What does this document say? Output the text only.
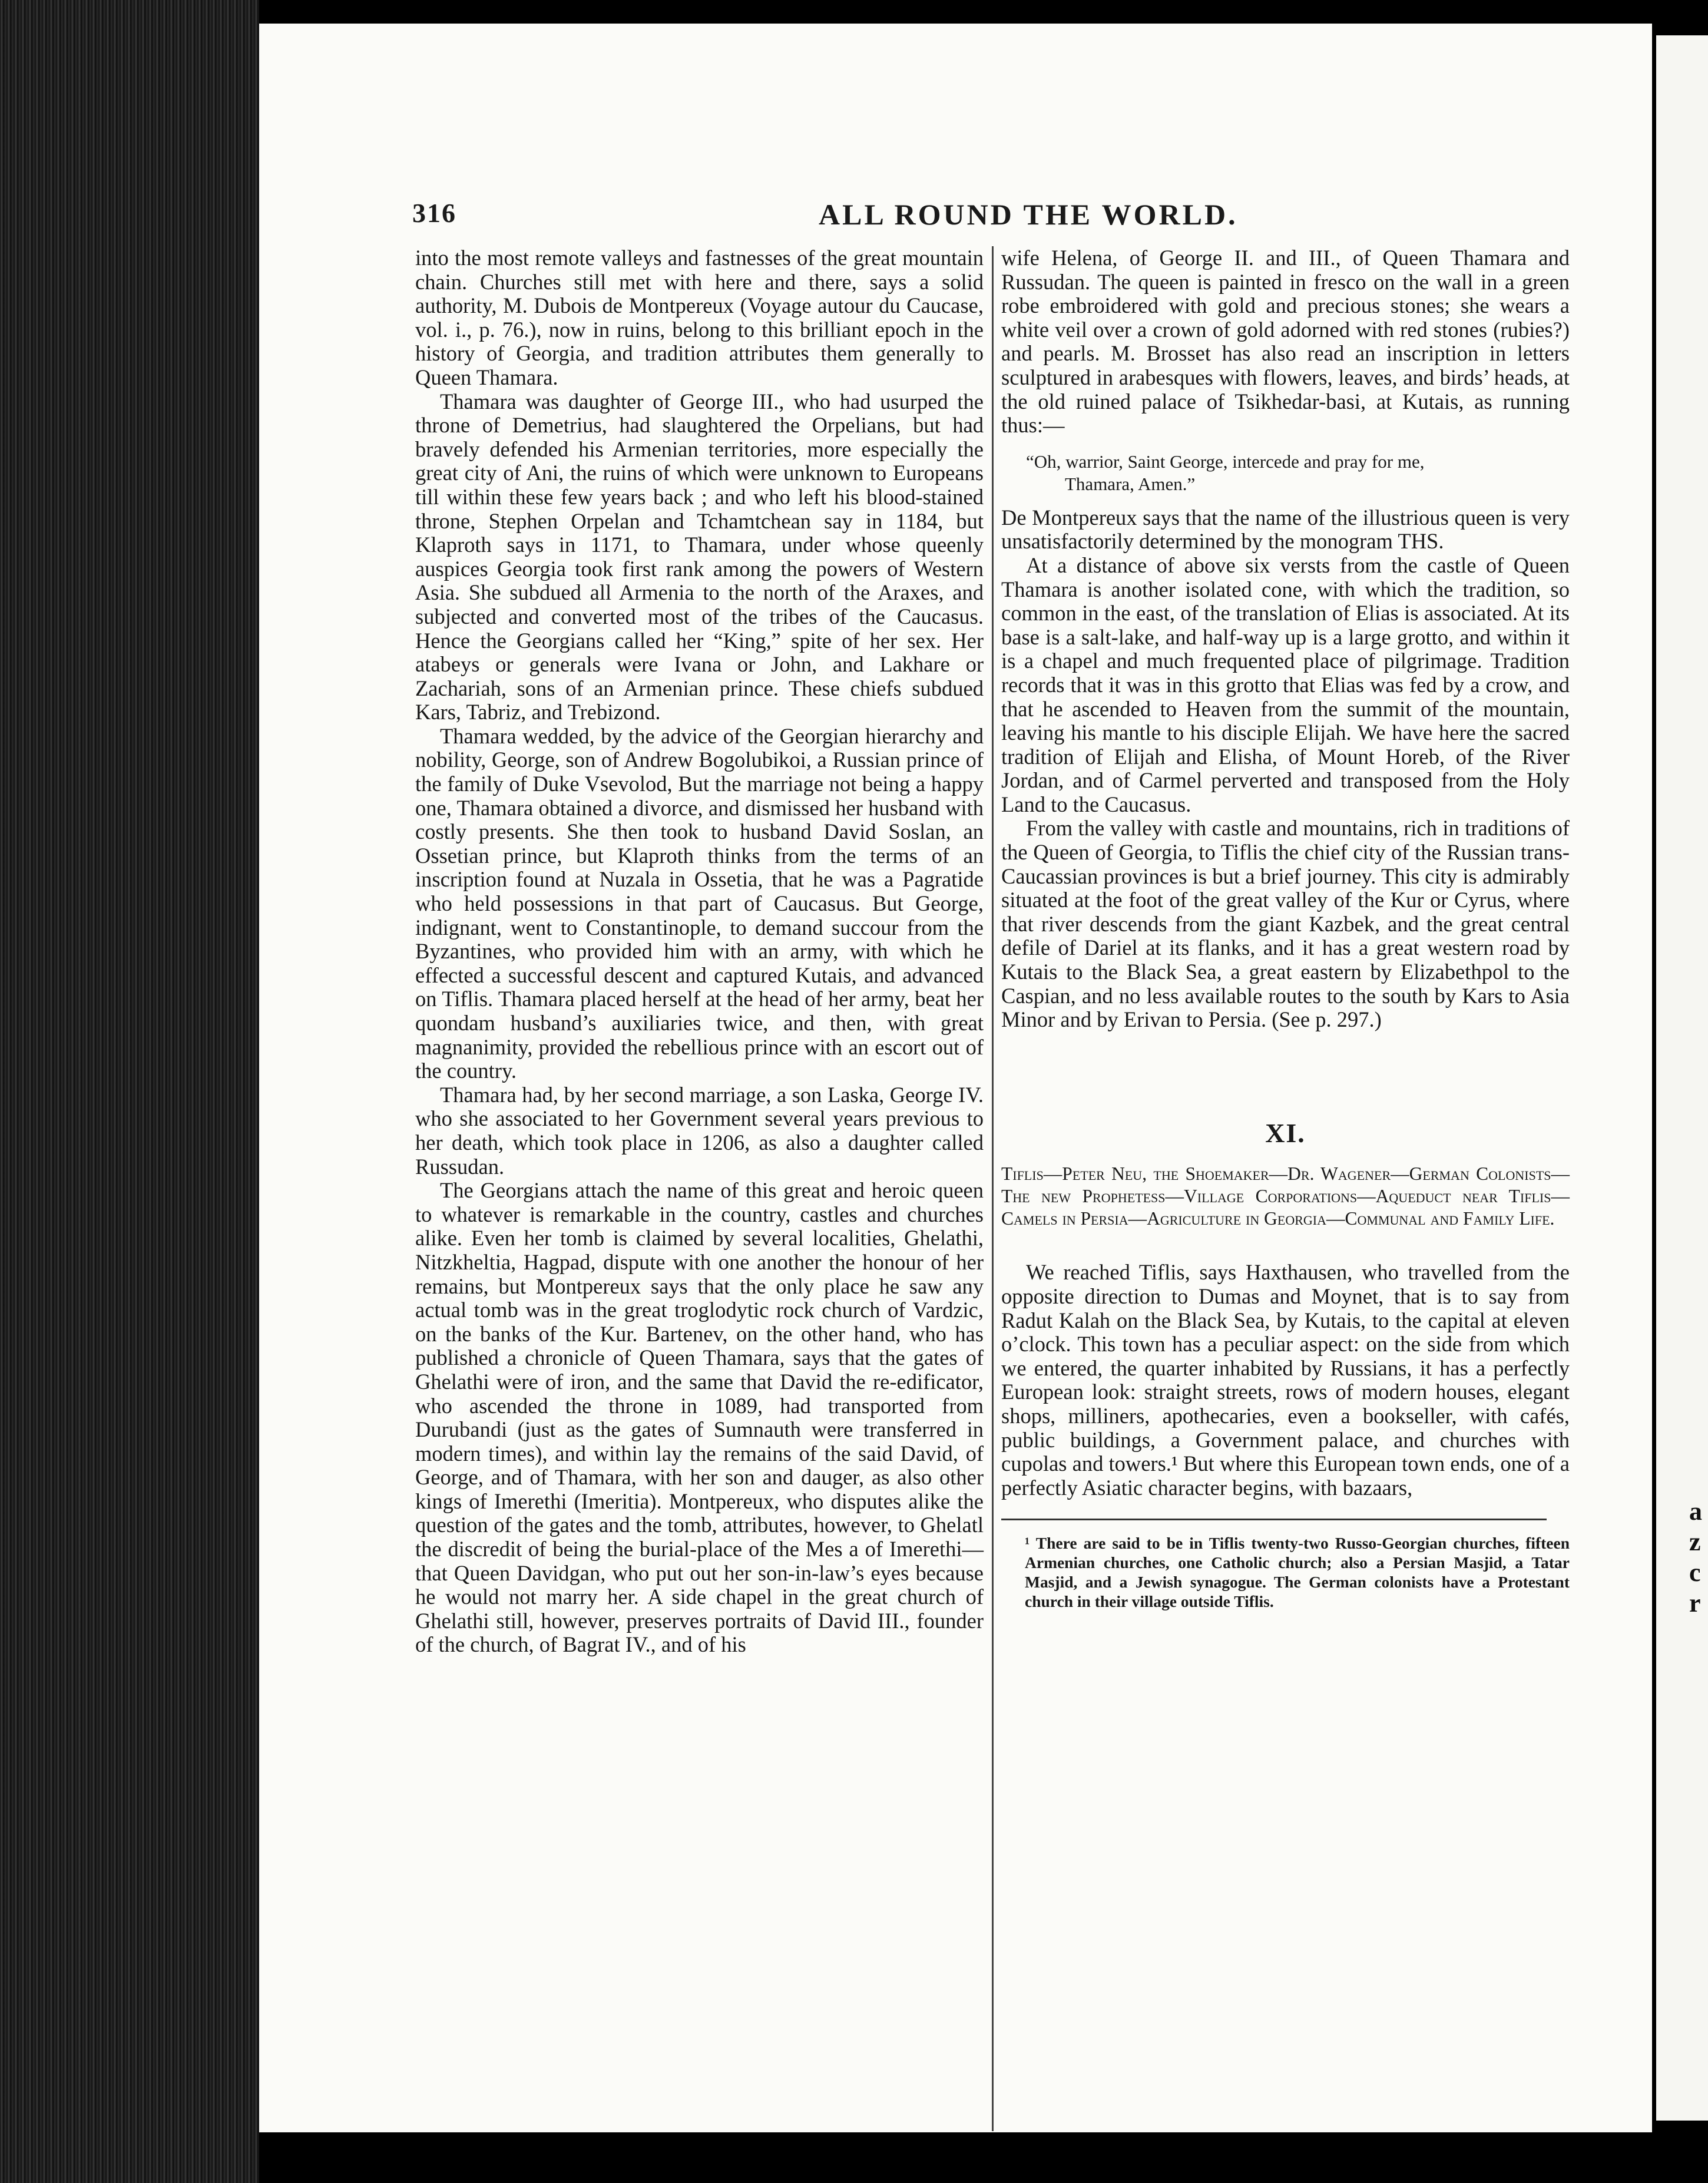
a z c r
316	ALL ROUND THE WORLD.

into the most remote valleys and fastnesses of the great mountain chain. Churches still met with here and there, says a solid authority, M. Dubois de Montpereux (Voyage autour du Caucase, vol. i., p. 76.), now in ruins, belong to this brilliant epoch in the history of Georgia, and tradition attributes them generally to Queen Thamara.

Thamara was daughter of George III., who had usurped the throne of Demetrius, had slaughtered the Orpelians, but had bravely defended his Armenian territories, more especially the great city of Ani, the ruins of which were unknown to Europeans till within these few years back ; and who left his blood-stained throne, Stephen Orpelan and Tchamtchean say in 1184, but Klaproth says in 1171, to Thamara, under whose queenly auspices Georgia took first rank among the powers of Western Asia. She subdued all Armenia to the north of the Araxes, and subjected and converted most of the tribes of the Caucasus. Hence the Georgians called her “King,” spite of her sex. Her atabeys or generals were Ivana or John, and Lakhare or Zachariah, sons of an Armenian prince. These chiefs subdued Kars, Tabriz, and Trebizond.

Thamara wedded, by the advice of the Georgian hierarchy and nobility, George, son of Andrew Bogolubikoi, a Russian prince of the family of Duke Vsevolod, But the marriage not being a happy one, Thamara obtained a divorce, and dismissed her husband with costly presents. She then took to husband David Soslan, an Ossetian prince, but Klaproth thinks from the terms of an inscription found at Nuzala in Ossetia, that he was a Pagratide who held possessions in that part of Caucasus. But George, indignant, went to Constantinople, to demand succour from the Byzantines, who provided him with an army, with which he effected a successful descent and captured Kutais, and advanced on Tiflis. Thamara placed herself at the head of her army, beat her quondam husband’s auxiliaries twice, and then, with great magnanimity, provided the rebellious prince with an escort out of the country.

Thamara had, by her second marriage, a son Laska, George IV. who she associated to her Government several years previous to her death, which took place in 1206, as also a daughter called Russudan.

The Georgians attach the name of this great and heroic queen to whatever is remarkable in the country, castles and churches alike. Even her tomb is claimed by several localities, Ghelathi, Nitzkheltia, Hagpad, dispute with one another the honour of her remains, but Montpereux says that the only place he saw any actual tomb was in the great troglodytic rock church of Vardzic, on the banks of the Kur. Bartenev, on the other hand, who has published a chronicle of Queen Thamara, says that the gates of Ghelathi were of iron, and the same that David the re-edificator, who ascended the throne in 1089, had transported from Durubandi (just as the gates of Sumnauth were transferred in modern times), and within lay the remains of the said David, of George, and of Thamara, with her son and dauger, as also other kings of Imerethi (Imeritia). Montpereux, who disputes alike the question of the gates and the tomb, attributes, however, to Ghelatl the discredit of being the burial-place of the Mes a of Imerethi—that Queen Davidgan, who put out her son-in-law’s eyes because he would not marry her. A side chapel in the great church of Ghelathi still, however, preserves portraits of David III., founder of the church, of Bagrat IV., and of his

wife Helena, of George II. and III., of Queen Thamara and Russudan. The queen is painted in fresco on the wall in a green robe embroidered with gold and precious stones; she wears a white veil over a crown of gold adorned with red stones (rubies?) and pearls. M. Brosset has also read an inscription in letters sculptured in arabesques with flowers, leaves, and birds’ heads, at the old ruined palace of Tsikhedar-basi, at Kutais, as running thus:—

“Oh, warrior, Saint George, intercede and pray for me,
Thamara, Amen.”

De Montpereux says that the name of the illustrious queen is very unsatisfactorily determined by the monogram THS.

At a distance of above six versts from the castle of Queen Thamara is another isolated cone, with which the tradition, so common in the east, of the translation of Elias is associated. At its base is a salt-lake, and half-way up is a large grotto, and within it is a chapel and much frequented place of pilgrimage. Tradition records that it was in this grotto that Elias was fed by a crow, and that he ascended to Heaven from the summit of the mountain, leaving his mantle to his disciple Elijah. We have here the sacred tradition of Elijah and Elisha, of Mount Horeb, of the River Jordan, and of Carmel perverted and transposed from the Holy Land to the Caucasus.

From the valley with castle and mountains, rich in traditions of the Queen of Georgia, to Tiflis the chief city of the Russian trans-Caucassian provinces is but a brief journey. This city is admirably situated at the foot of the great valley of the Kur or Cyrus, where that river descends from the giant Kazbek, and the great central defile of Dariel at its flanks, and it has a great western road by Kutais to the Black Sea, a great eastern by Elizabethpol to the Caspian, and no less available routes to the south by Kars to Asia Minor and by Erivan to Persia. (See p. 297.)

XI.
Tiflis—Peter Neu, the Shoemaker—Dr. Wagener—German Colonists—The new Prophetess—Village Corporations—Aqueduct near Tiflis—Camels in Persia—Agriculture in Georgia—Communal and Family Life.

We reached Tiflis, says Haxthausen, who travelled from the opposite direction to Dumas and Moynet, that is to say from Radut Kalah on the Black Sea, by Kutais, to the capital at eleven o’clock. This town has a peculiar aspect: on the side from which we entered, the quarter inhabited by Russians, it has a perfectly European look: straight streets, rows of modern houses, elegant shops, milliners, apothecaries, even a bookseller, with cafés, public buildings, a Government palace, and churches with cupolas and towers.¹ But where this European town ends, one of a perfectly Asiatic character begins, with bazaars,

¹ There are said to be in Tiflis twenty-two Russo-Georgian churches, fifteen Armenian churches, one Catholic church; also a Persian Masjid, a Tatar Masjid, and a Jewish synagogue. The German colonists have a Protestant church in their village outside Tiflis.
